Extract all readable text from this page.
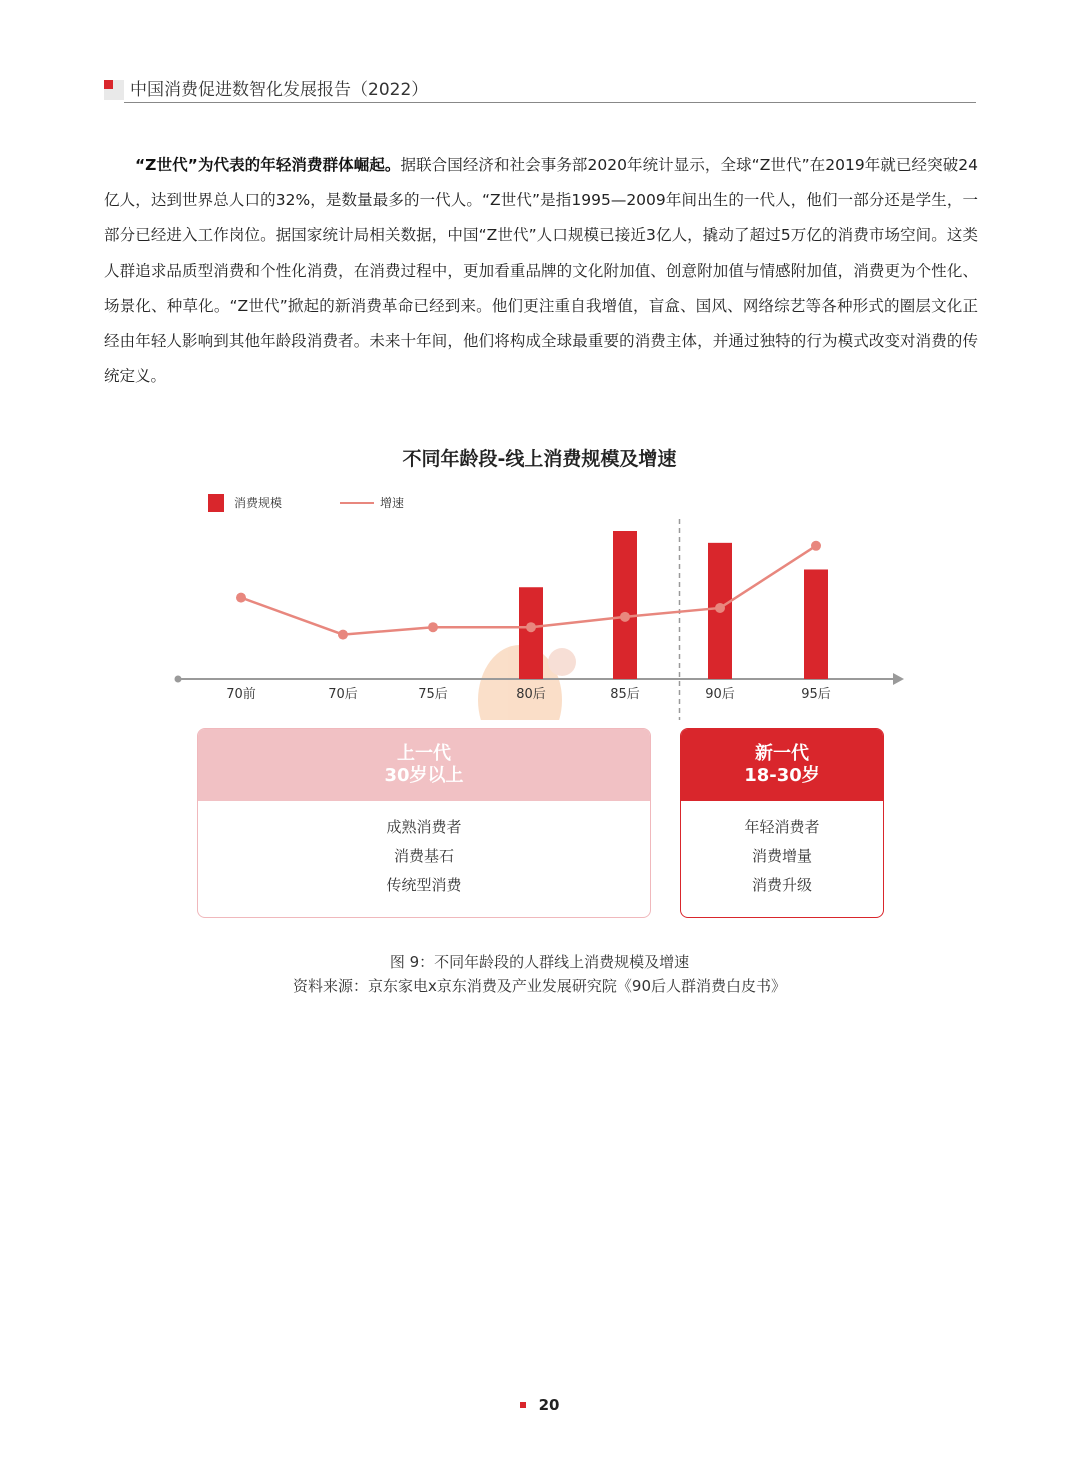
中国消费促进数智化发展报告（2022）

“Z世代”为代表的年轻消费群体崛起。据联合国经济和社会事务部2020年统计显示，全球“Z世代”在2019年就已经突破24亿人，达到世界总人口的32%，是数量最多的一代人。“Z世代”是指1995—2009年间出生的一代人，他们一部分还是学生，一部分已经进入工作岗位。据国家统计局相关数据，中国“Z世代”人口规模已接近3亿人，撬动了超过5万亿的消费市场空间。这类人群追求品质型消费和个性化消费，在消费过程中，更加看重品牌的文化附加值、创意附加值与情感附加值，消费更为个性化、场景化、种草化。“Z世代”掀起的新消费革命已经到来。他们更注重自我增值，盲盒、国风、网络综艺等各种形式的圈层文化正经由年轻人影响到其他年龄段消费者。未来十年间，他们将构成全球最重要的消费主体，并通过独特的行为模式改变对消费的传统定义。

不同年龄段-线上消费规模及增速
消费规模	增速
70前	70后	75后	80后	85后	90后	95后
上一代
30岁以上
成熟消费者
消费基石
传统型消费
新一代
18-30岁
年轻消费者
消费增量
消费升级
图 9：不同年龄段的人群线上消费规模及增速
资料来源：京东家电x京东消费及产业发展研究院《90后人群消费白皮书》
20
